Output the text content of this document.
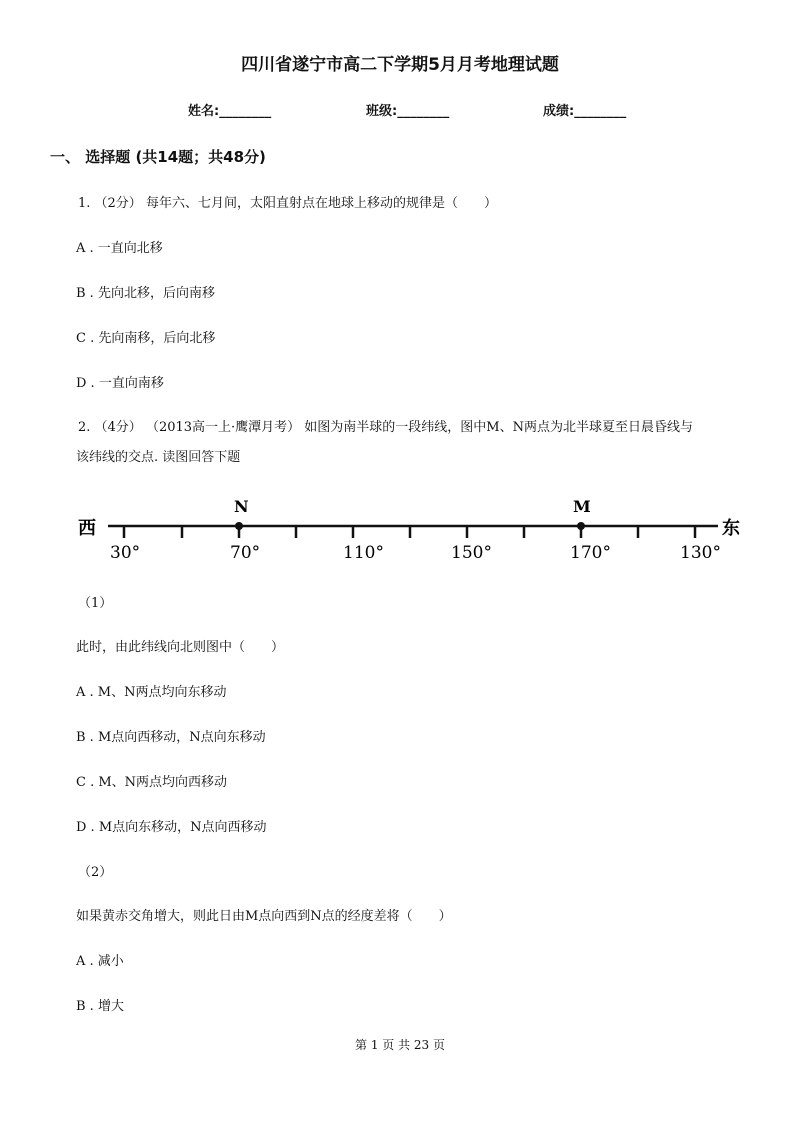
四川省遂宁市高二下学期5月月考地理试题
姓名:________	班级:________	成绩:________
一、 选择题 (共14题；共48分)
1. （2分） 每年六、七月间，太阳直射点在地球上移动的规律是（　　）
A . 一直向北移
B . 先向北移，后向南移
C . 先向南移，后向北移
D . 一直向南移
2. （4分） （2013高一上·鹰潭月考） 如图为南半球的一段纬线，图中M、N两点为北半球夏至日晨昏线与
该纬线的交点. 读图回答下题
西	东
N	M
30°	70°	110°	150°	170°	130°
（1）
此时，由此纬线向北则图中（　　）
A . M、N两点均向东移动
B . M点向西移动，N点向东移动
C . M、N两点均向西移动
D . M点向东移动，N点向西移动
（2）
如果黄赤交角增大，则此日由M点向西到N点的经度差将（　　）
A . 减小
B . 增大
第 1 页 共 23 页
